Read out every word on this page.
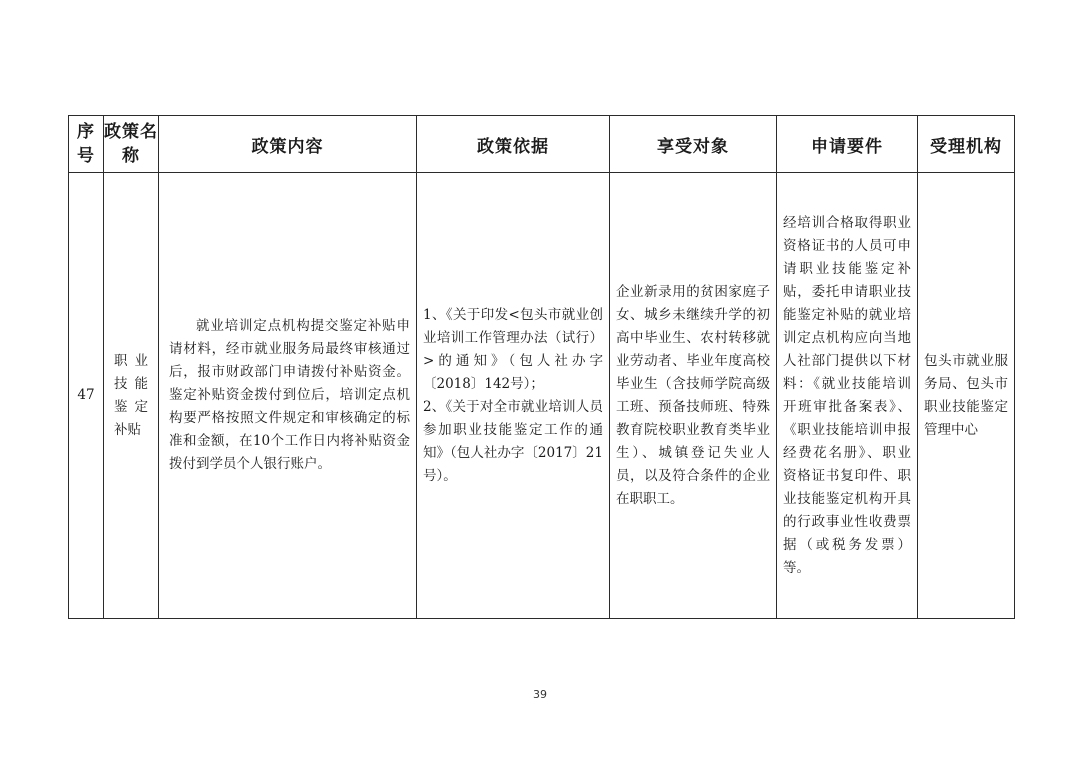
序号	政策名称	政策内容	政策依据	享受对象	申请要件	受理机构
47	职业技能鉴定补贴	就业培训定点机构提交鉴定补贴申请材料，经市就业服务局最终审核通过后，报市财政部门申请拨付补贴资金。鉴定补贴资金拨付到位后，培训定点机构要严格按照文件规定和审核确定的标准和金额，在10个工作日内将补贴资金拨付到学员个人银行账户。	1、《关于印发<包头市就业创业培训工作管理办法（试行）>的通知》（包人社办字〔2018〕142号）；
2、《关于对全市就业培训人员参加职业技能鉴定工作的通知》（包人社办字〔2017〕21号）。	企业新录用的贫困家庭子女、城乡未继续升学的初高中毕业生、农村转移就业劳动者、毕业年度高校毕业生（含技师学院高级工班、预备技师班、特殊教育院校职业教育类毕业生）、城镇登记失业人员，以及符合条件的企业在职职工。	经培训合格取得职业资格证书的人员可申请职业技能鉴定补贴，委托申请职业技能鉴定补贴的就业培训定点机构应向当地人社部门提供以下材料：《就业技能培训开班审批备案表》、《职业技能培训申报经费花名册》、职业资格证书复印件、职业技能鉴定机构开具的行政事业性收费票据（或税务发票）等。	包头市就业服务局、包头市职业技能鉴定管理中心
39
